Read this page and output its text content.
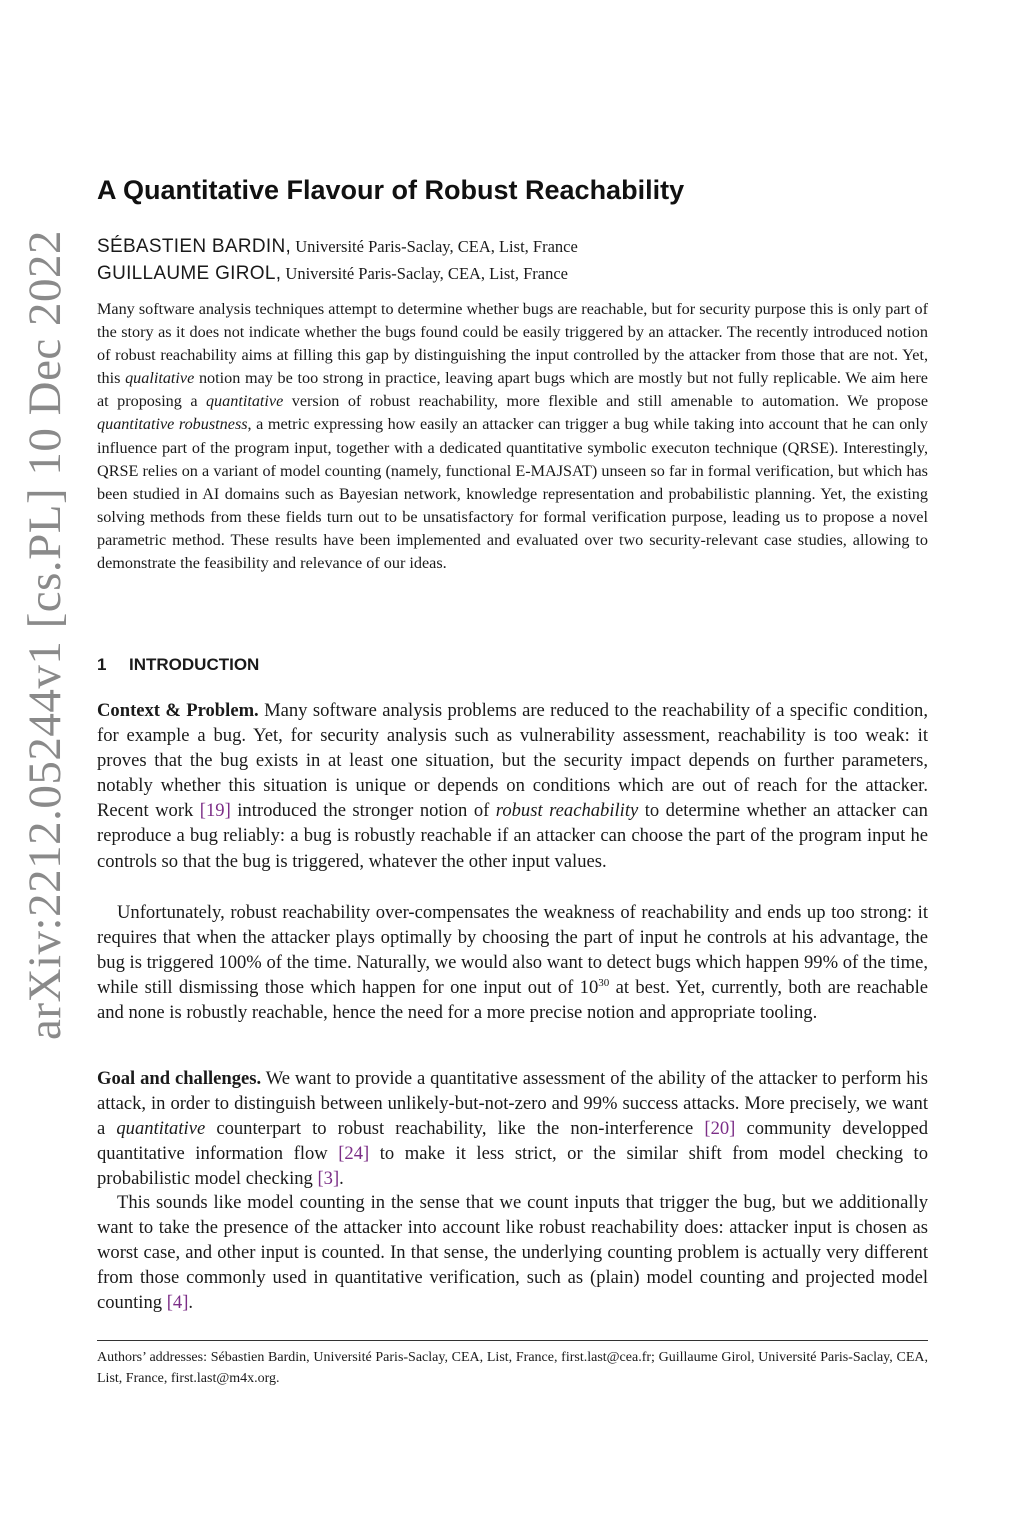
arXiv:2212.05244v1 [cs.PL] 10 Dec 2022
A Quantitative Flavour of Robust Reachability
SÉBASTIEN BARDIN, Université Paris-Saclay, CEA, List, France
GUILLAUME GIROL, Université Paris-Saclay, CEA, List, France

Many software analysis techniques attempt to determine whether bugs are reachable, but for security purpose this is only part of the story as it does not indicate whether the bugs found could be easily triggered by an attacker. The recently introduced notion of robust reachability aims at filling this gap by distinguishing the input controlled by the attacker from those that are not. Yet, this qualitative notion may be too strong in practice, leaving apart bugs which are mostly but not fully replicable. We aim here at proposing a quantitative version of robust reachability, more flexible and still amenable to automation. We propose quantitative robustness, a metric expressing how easily an attacker can trigger a bug while taking into account that he can only influence part of the program input, together with a dedicated quantitative symbolic executon technique (QRSE). Interestingly, QRSE relies on a variant of model counting (namely, functional E-MAJSAT) unseen so far in formal verification, but which has been studied in AI domains such as Bayesian network, knowledge representation and probabilistic planning. Yet, the existing solving methods from these fields turn out to be unsatisfactory for formal verification purpose, leading us to propose a novel parametric method. These results have been implemented and evaluated over two security-relevant case studies, allowing to demonstrate the feasibility and relevance of our ideas.

1 INTRODUCTION

Context & Problem. Many software analysis problems are reduced to the reachability of a specific condition, for example a bug. Yet, for security analysis such as vulnerability assessment, reachability is too weak: it proves that the bug exists in at least one situation, but the security impact depends on further parameters, notably whether this situation is unique or depends on conditions which are out of reach for the attacker. Recent work [19] introduced the stronger notion of robust reachability to determine whether an attacker can reproduce a bug reliably: a bug is robustly reachable if an attacker can choose the part of the program input he controls so that the bug is triggered, whatever the other input values.

Unfortunately, robust reachability over-compensates the weakness of reachability and ends up too strong: it requires that when the attacker plays optimally by choosing the part of input he controls at his advantage, the bug is triggered 100% of the time. Naturally, we would also want to detect bugs which happen 99% of the time, while still dismissing those which happen for one input out of $10^{30}$ at best. Yet, currently, both are reachable and none is robustly reachable, hence the need for a more precise notion and appropriate tooling.

Goal and challenges. We want to provide a quantitative assessment of the ability of the attacker to perform his attack, in order to distinguish between unlikely-but-not-zero and 99% success attacks. More precisely, we want a quantitative counterpart to robust reachability, like the non-interference [20] community developped quantitative information flow [24] to make it less strict, or the similar shift from model checking to probabilistic model checking [3].

This sounds like model counting in the sense that we count inputs that trigger the bug, but we additionally want to take the presence of the attacker into account like robust reachability does: attacker input is chosen as worst case, and other input is counted. In that sense, the underlying counting problem is actually very different from those commonly used in quantitative verification, such as (plain) model counting and projected model counting [4].

Authors’ addresses: Sébastien Bardin, Université Paris-Saclay, CEA, List, France, first.last@cea.fr; Guillaume Girol, Université Paris-Saclay, CEA, List, France, first.last@m4x.org.
